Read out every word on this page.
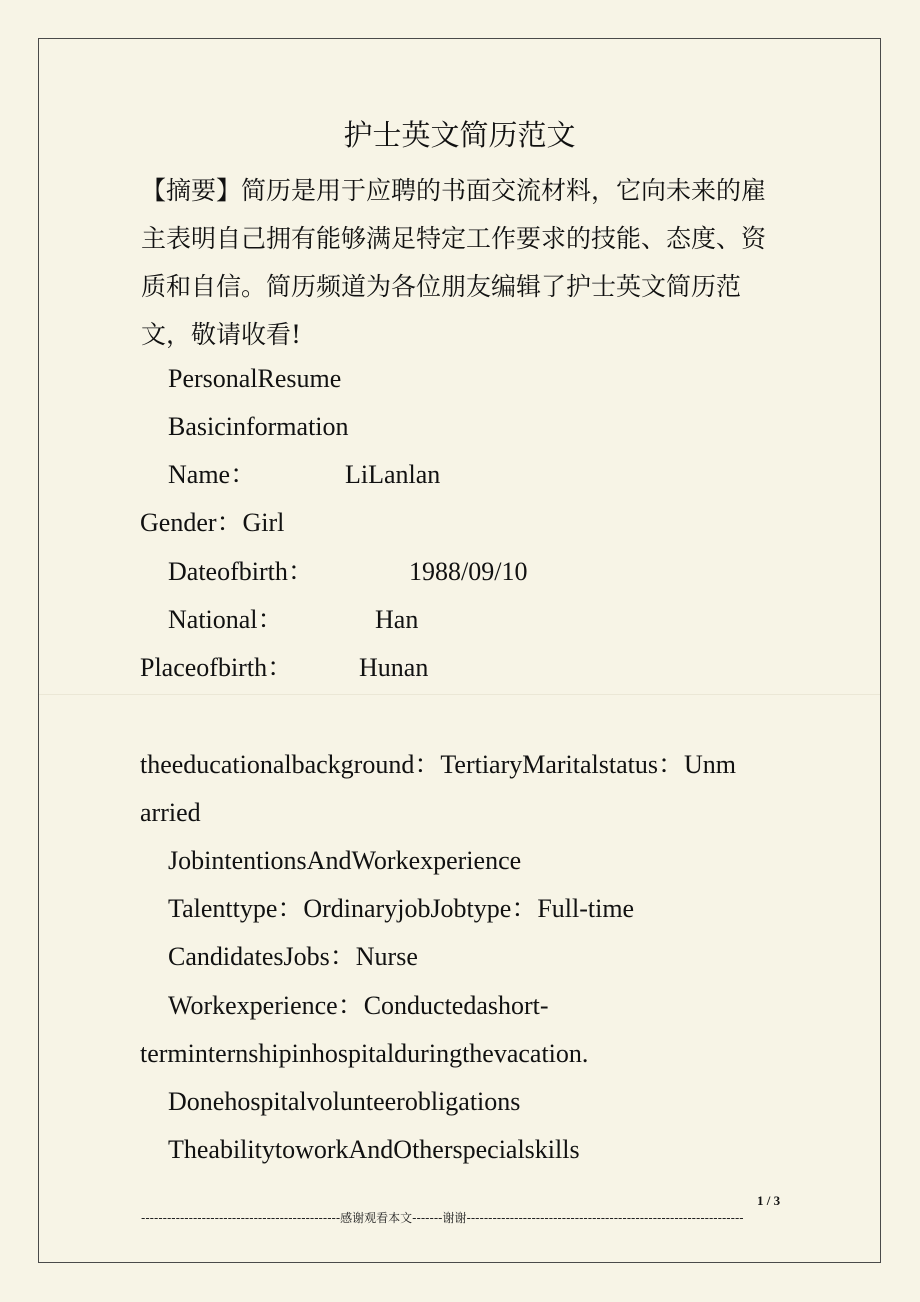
护士英文简历范文
【摘要】简历是用于应聘的书面交流材料，它向未来的雇主表明自己拥有能够满足特定工作要求的技能、态度、资质和自信。简历频道为各位朋友编辑了护士英文简历范文，敬请收看!
PersonalResume
Basicinformation
Name：	LiLanlan
Gender：Girl
Dateofbirth：	1988/09/10
National：	Han
Placeofbirth：	Hunan
theeducationalbackground：TertiaryMaritalstatus：Unm
arried
JobintentionsAndWorkexperience
Talenttype：OrdinaryjobJobtype：Full-time
CandidatesJobs：Nurse
Workexperience：Conductedashort-
terminternshipinhospitalduringthevacation.
Donehospitalvolunteerobligations
TheabilitytoworkAndOtherspecialskills
1 / 3
----------------------------------------------感谢观看本文-------谢谢----------------------------------------------------------------
